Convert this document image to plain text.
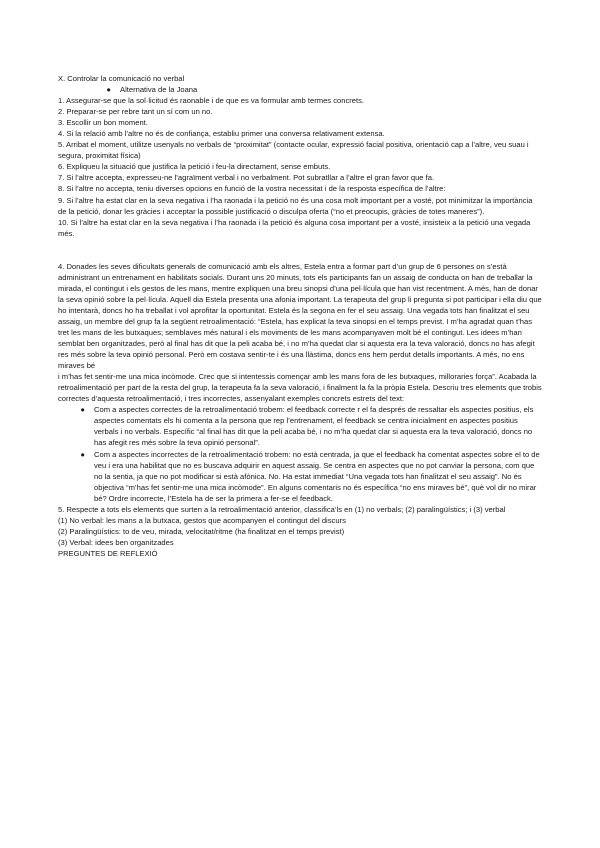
X. Controlar la comunicació no verbal
●	Alternativa de la Joana

1. Assegurar-se que la sol·licitud és raonable i de que es va formular amb termes concrets.

2. Preparar-se per rebre tant un sí com un no.

3. Escollir un bon moment.

4. Si la relació amb l’altre no és de confiança, establiu primer una conversa relativament extensa.

5. Arribat el moment, utilitze usenyals no verbals de “proximitat” (contacte ocular, expressió facial positiva, orientació cap a l’altre, veu suau i segura, proximitat física)

6. Expliqueu la situació que justifica la petició i feu-la directament, sense embuts.

7. Si l’altre accepta, expresseu-ne l’agraïment verbal i no verbalment. Pot subratllar a l’altre el gran favor que fa.

8. Si l’altre no accepta, teniu diverses opcions en funció de la vostra necessitat i de la resposta específica de l’altre:

9. Si l’altre ha estat clar en la seva negativa i l’ha raonada i la petició no és una cosa molt important per a vosté, pot minimitzar la importància de la petició, donar les gràcies i acceptar la possible justificació o disculpa oferta (“no et preocupis, gràcies de totes maneres”).

10. Si l’altre ha estat clar en la seva negativa i l’ha raonada i la petició és alguna cosa important per a vosté, insisteix a la petició una vegada més.

4. Donades les seves dificultats generals de comunicació amb els altres, Estela entra a formar part d’un grup de 6 persones on s’està administrant un entrenament en habilitats socials. Durant uns 20 minuts, tots els participants fan un assaig de conducta on han de treballar la mirada, el contingut i els gestos de les mans, mentre expliquen una breu sinopsi d’una pel·lícula que han vist recentment. A més, han de donar la seva opinió sobre la pel·lícula. Aquell dia Estela presenta una afonia important. La terapeuta del grup li pregunta si pot participar i ella diu que ho intentarà, doncs ho ha treballat i vol aprofitar la oportunitat. Estela és la segona en fer el seu assaig. Una vegada tots han finalitzat el seu assaig, un membre del grup fa la següent retroalimentació: “Estela, has explicat la teva sinopsi en el temps previst. I m’ha agradat quan t’has tret les mans de les butxaques; semblaves més natural i els moviments de les mans acompanyaven molt bé el contingut. Les idees m’han semblat ben organitzades, però al final has dit que la peli acaba bé, i no m’ha quedat clar si aquesta era la teva valoració, doncs no has afegit res més sobre la teva opinió personal. Però em costava sentir-te i és una llàstima, doncs ens hem perdut detalls importants. A més, no ens miraves bé

i m’has fet sentir-me una mica incòmode. Crec que si intentessis començar amb les mans fora de les butxaques, milloraries força”. Acabada la retroalimentació per part de la resta del grup, la terapeuta fa la seva valoració, i finalment la fa la pròpia Estela. Descriu tres elements que trobis correctes d’aquesta retroalimentació, i tres incorrectes, assenyalant exemples concrets estrets del text:

●	Com a aspectes correctes de la retroalimentació trobem: el feedback correcte r el fa després de ressaltar els aspectes positius, els aspectes comentats els hi comenta a la persona que rep l’entrenament, el feedback se centra inicialment en aspectes positius verbals i no verbals. Específic “al final has dit que la peli acaba bé, i no m’ha quedat clar si aquesta era la teva valoració, doncs no has afegit res més sobre la teva opinió personal”.
●	Com a aspectes incorrectes de la retroalimentació trobem: no està centrada, ja que el feedback ha comentat aspectes sobre el to de veu i era una habilitat que no es buscava adquirir en aquest assaig. Se centra en aspectes que no pot canviar la persona, com que no la sentia, ja que no pot modificar si està afònica. No. Ha estat immediat “Una vegada tots han finalitzat el seu assaig”. No és objectiva “m’has fet sentir-me una mica incòmode”. En alguns comentaris no és específica “no ens miraves bé”, què vol dir no mirar bé? Ordre incorrecte, l’Estela ha de ser la primera a fer-se el feedback.

5. Respecte a tots els elements que surten a la retroalimentació anterior, classifica’ls en (1) no verbals; (2) paralingüístics; i (3) verbal

(1) No verbal: les mans a la butxaca, gestos que acompanyen el contingut del discurs

(2) Paralingüístics: to de veu, mirada, velocitat/ritme (ha finalitzat en el temps previst)

(3) Verbal: idees ben organitzades

PREGUNTES DE REFLEXIÓ
